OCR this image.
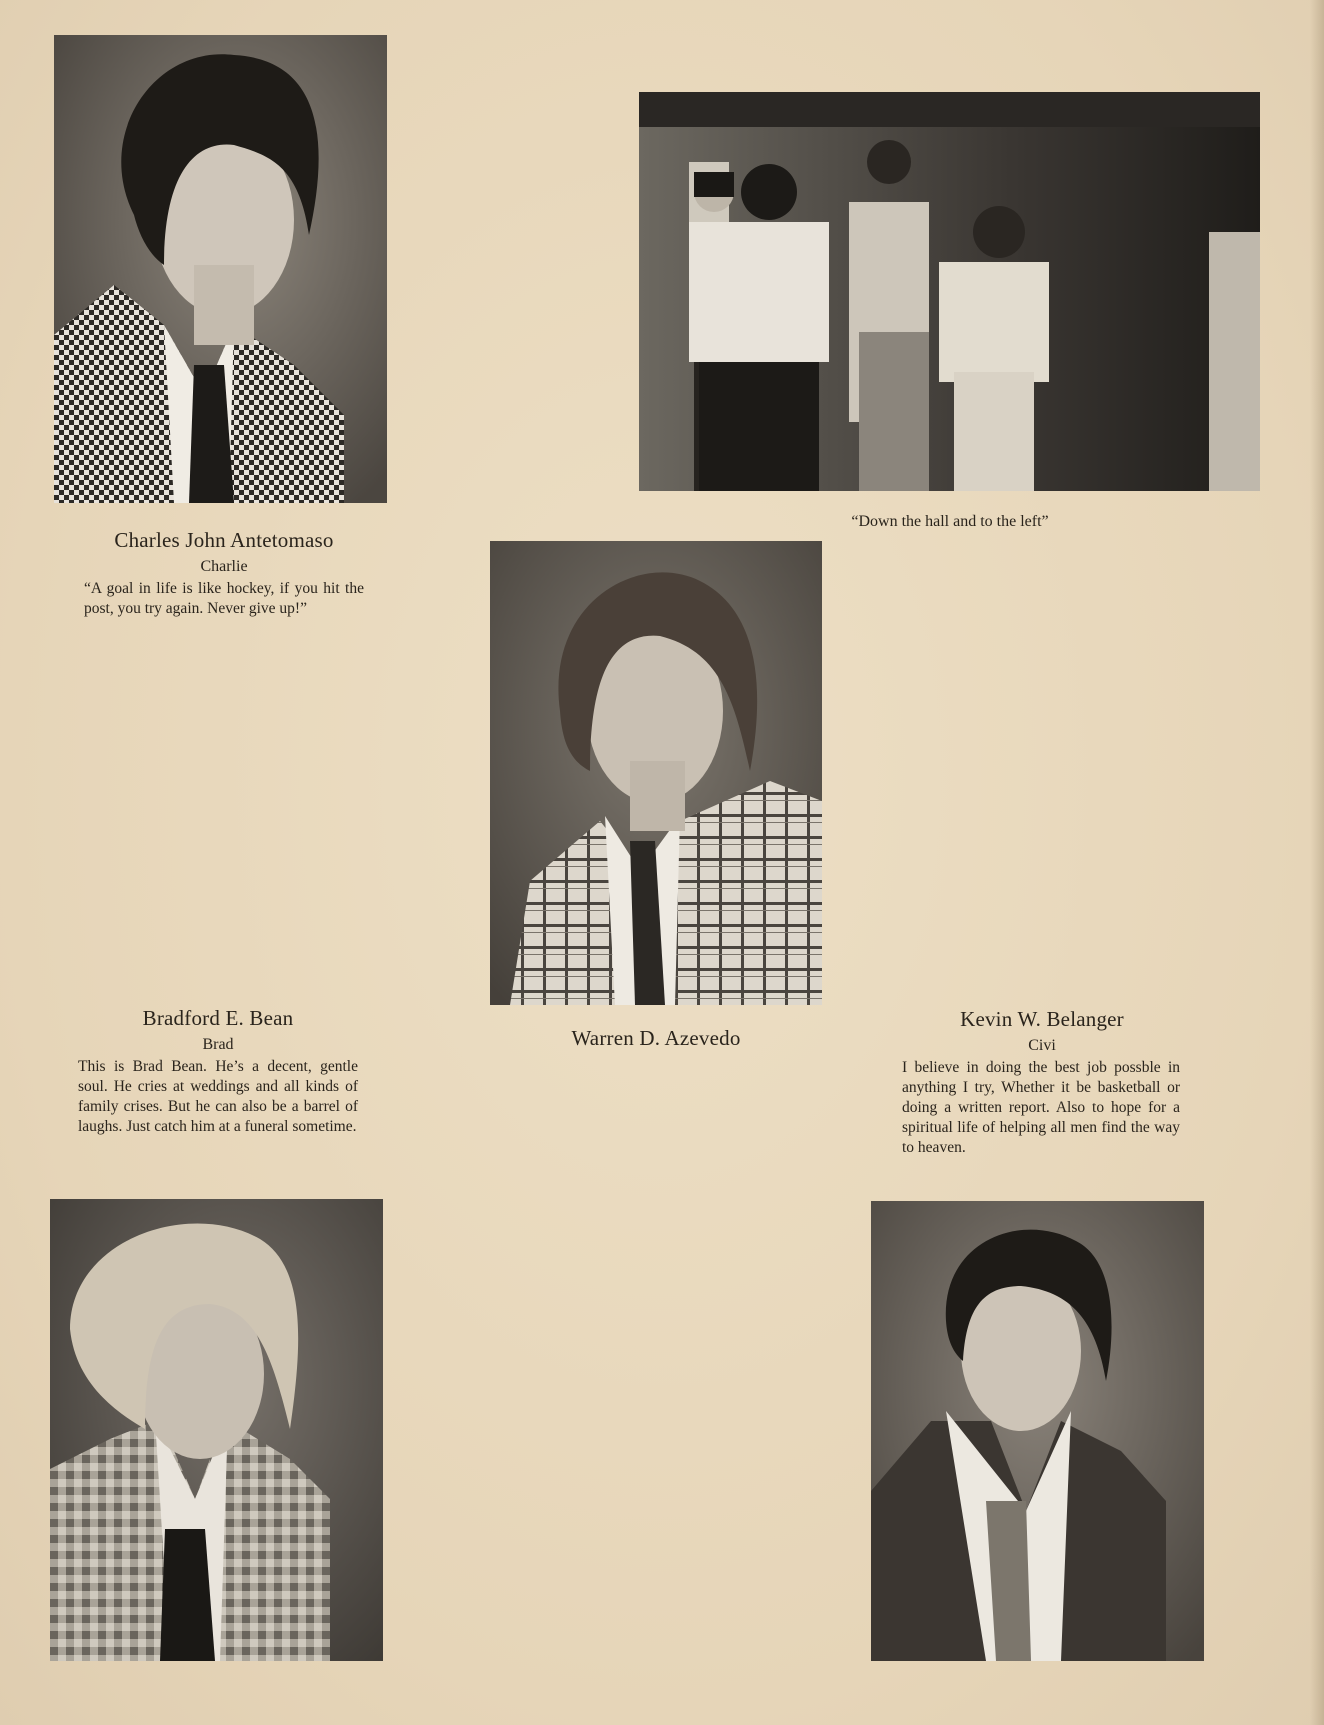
“Down the hall and to the left”
Charles John Antetomaso
Charlie
“A goal in life is like hockey, if you hit the post, you try again. Never give up!”
Bradford E. Bean
Brad
This is Brad Bean. He’s a decent, gentle soul. He cries at weddings and all kinds of family crises. But he can also be a barrel of laughs. Just catch him at a funeral sometime.
Warren D. Azevedo
Kevin W. Belanger
Civi
I believe in doing the best job possble in anything I try, Whether it be basketball or doing a written report. Also to hope for a spiritual life of helping all men find the way to heaven.
